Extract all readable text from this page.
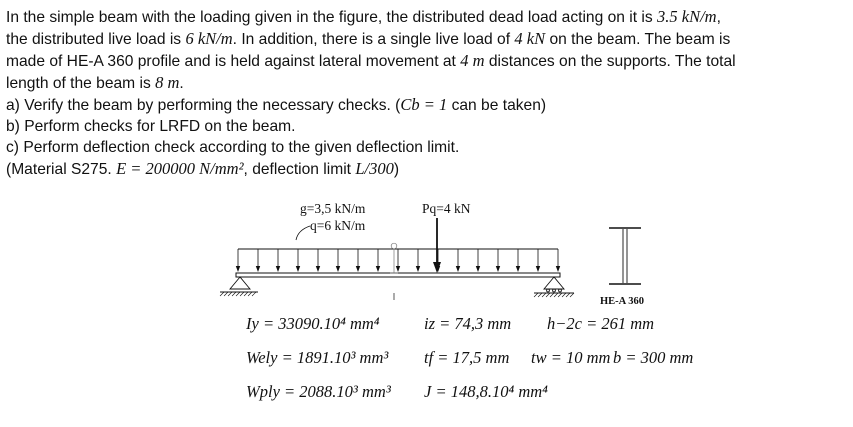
In the simple beam with the loading given in the figure, the distributed dead load acting on it is 3.5 kN/m,

the distributed live load is 6 kN/m. In addition, there is a single live load of 4 kN on the beam. The beam is

made of HE-A 360 profile and is held against lateral movement at 4 m distances on the supports. The total

length of the beam is 8 m.

a) Verify the beam by performing the necessary checks. (Cb = 1 can be taken)

b) Perform checks for LRFD on the beam.

c) Perform deflection check according to the given deflection limit.

(Material S275. E = 200000 N/mm², deflection limit L/300)

g=3,5 kN/m
q=6 kN/m
Pq=4 kN
HE-A 360
Iy = 33090.10⁴ mm⁴	iz = 74,3 mm h−2c = 261 mm
Wely = 1891.10³ mm³ tf = 17,5 mm tw = 10 mm b = 300 mm
Wply = 2088.10³ mm³ J = 148,8.10⁴ mm⁴
